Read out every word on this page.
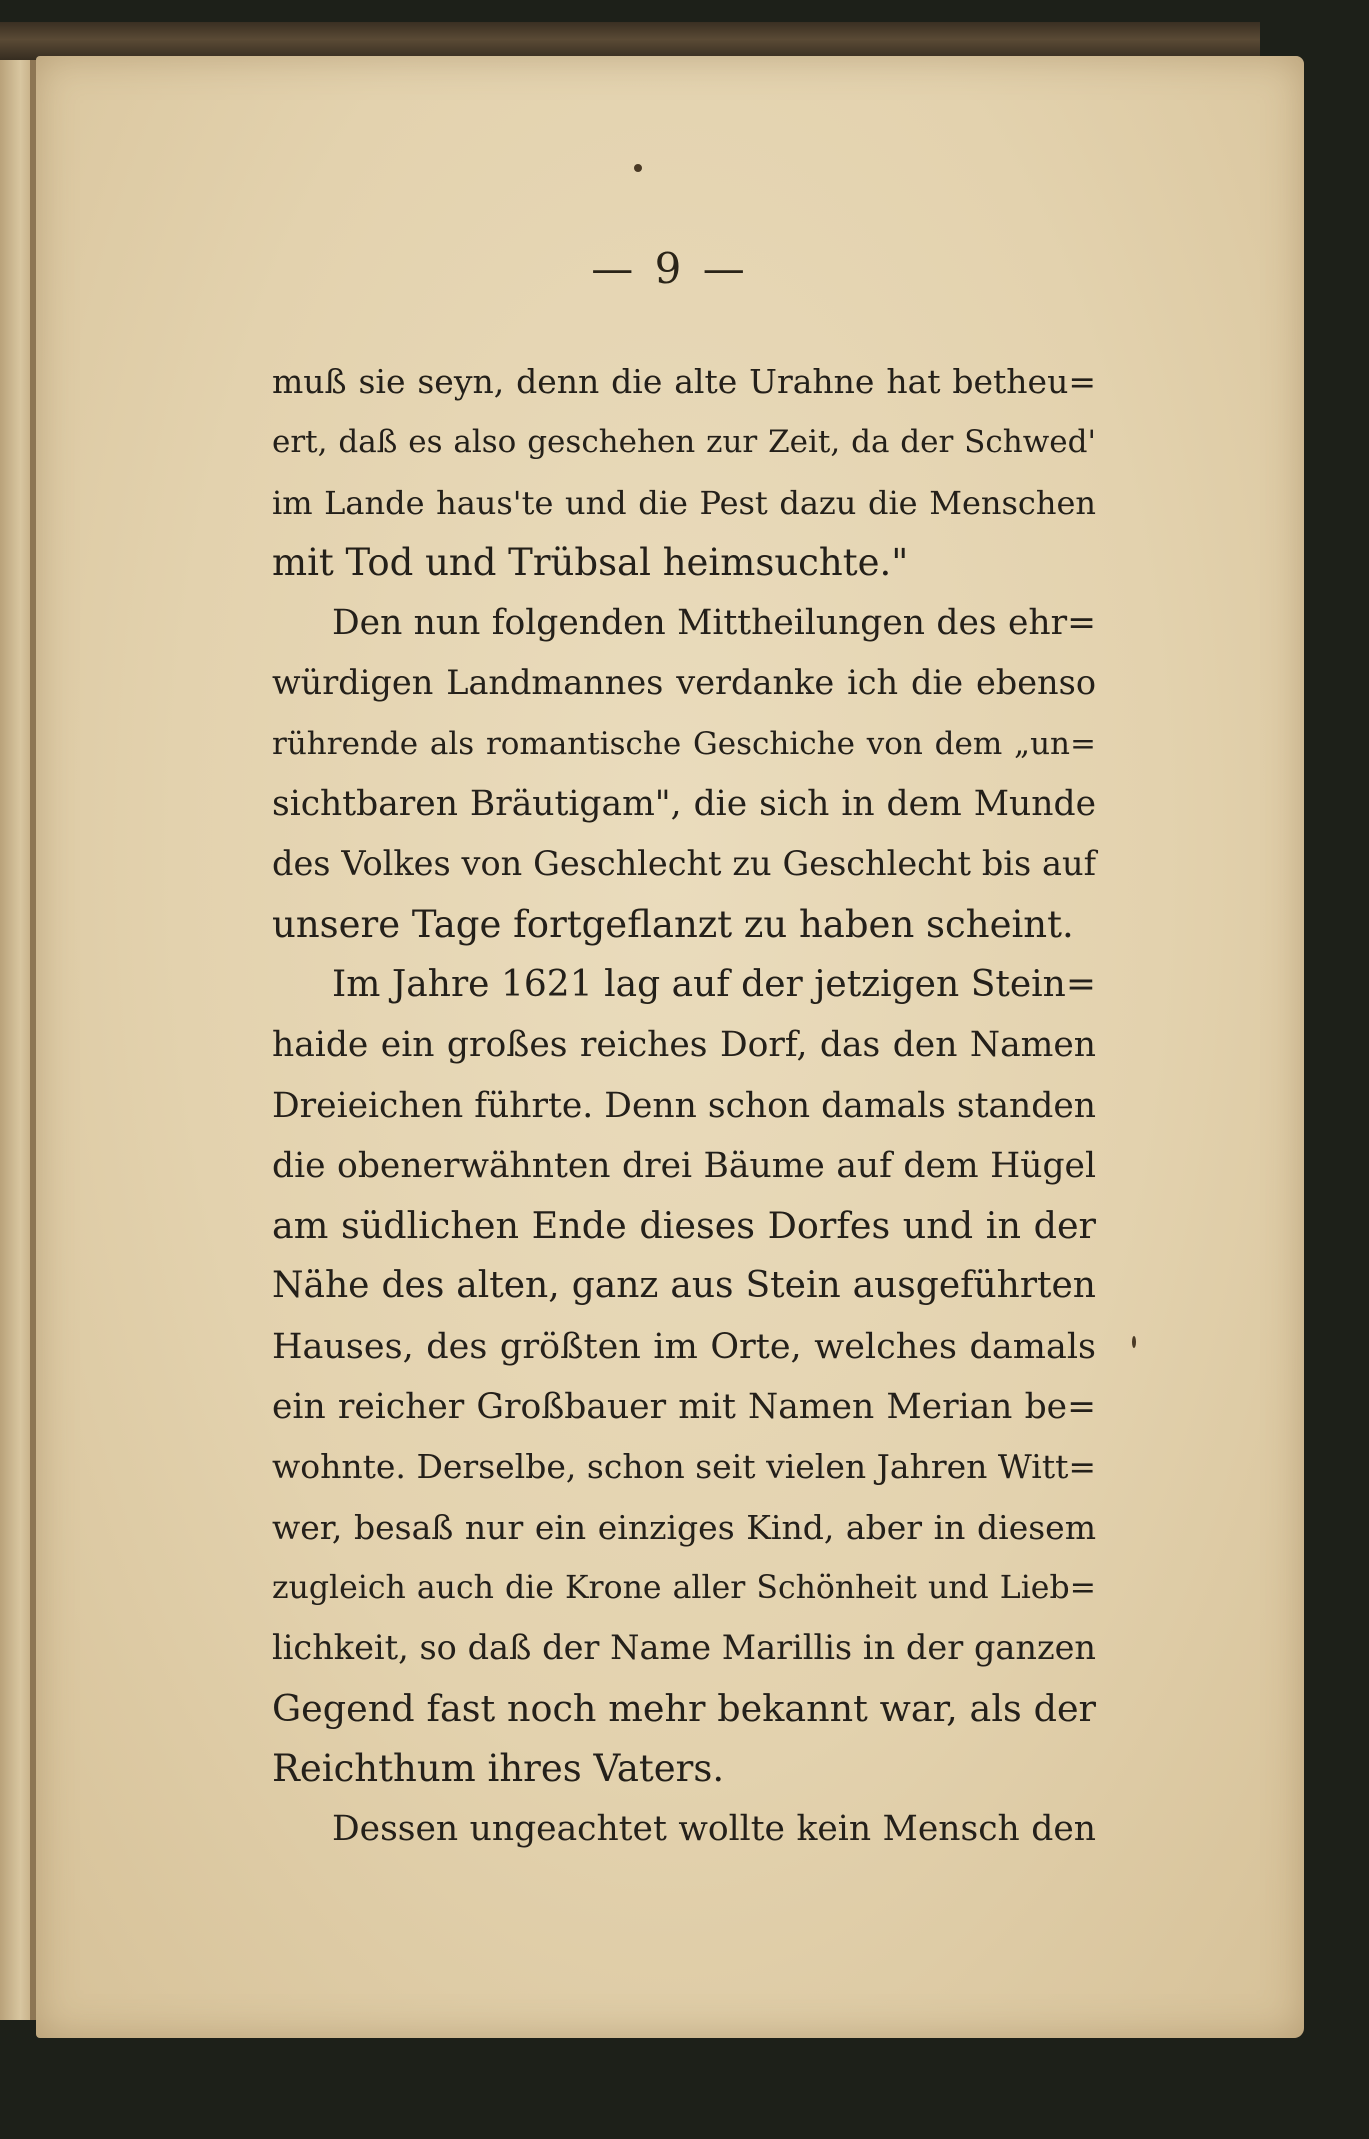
— 9 —
muß sie seyn, denn die alte Urahne hat betheu=
ert, daß es also geschehen zur Zeit, da der Schwed'
im Lande haus'te und die Pest dazu die Menschen
mit Tod und Trübsal heimsuchte."
Den nun folgenden Mittheilungen des ehr=
würdigen Landmannes verdanke ich die ebenso
rührende als romantische Geschiche von dem „un=
sichtbaren Bräutigam", die sich in dem Munde
des Volkes von Geschlecht zu Geschlecht bis auf
unsere Tage fortgeflanzt zu haben scheint.
Im Jahre 1621 lag auf der jetzigen Stein=
haide ein großes reiches Dorf, das den Namen
Dreieichen führte. Denn schon damals standen
die obenerwähnten drei Bäume auf dem Hügel
am südlichen Ende dieses Dorfes und in der
Nähe des alten, ganz aus Stein ausgeführten
Hauses, des größten im Orte, welches damals
ein reicher Großbauer mit Namen Merian be=
wohnte. Derselbe, schon seit vielen Jahren Witt=
wer, besaß nur ein einziges Kind, aber in diesem
zugleich auch die Krone aller Schönheit und Lieb=
lichkeit, so daß der Name Marillis in der ganzen
Gegend fast noch mehr bekannt war, als der
Reichthum ihres Vaters.
Dessen ungeachtet wollte kein Mensch den
